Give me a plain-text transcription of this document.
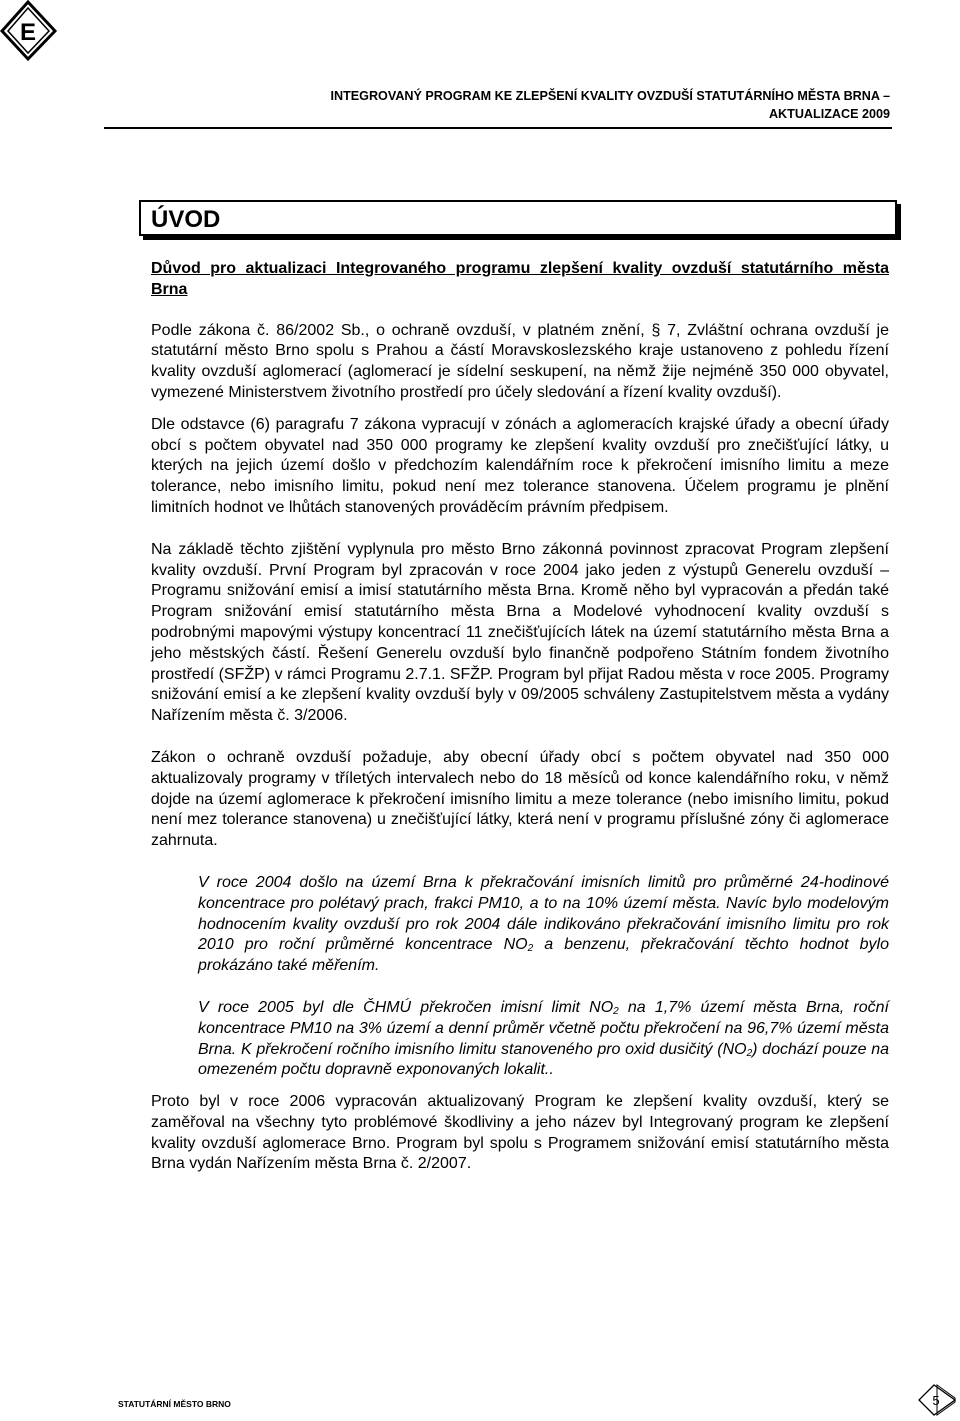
E
INTEGROVANÝ PROGRAM KE ZLEPŠENÍ KVALITY OVZDUŠÍ STATUTÁRNÍHO MĚSTA BRNA –
AKTUALIZACE 2009
ÚVOD

Důvod pro aktualizaci Integrovaného programu zlepšení kvality ovzduší statutárního města Brna

Podle zákona č. 86/2002 Sb., o ochraně ovzduší, v platném znění, § 7, Zvláštní ochrana ovzduší je statutární město Brno spolu s Prahou a částí Moravskoslezského kraje ustanoveno z pohledu řízení kvality ovzduší aglomerací (aglomerací je sídelní seskupení, na němž žije nejméně 350 000 obyvatel, vymezené Ministerstvem životního prostředí pro účely sledování a řízení kvality ovzduší).

Dle odstavce (6) paragrafu 7 zákona vypracují v zónách a aglomeracích krajské úřady a obecní úřady obcí s počtem obyvatel nad 350 000 programy ke zlepšení kvality ovzduší pro znečišťující látky, u kterých na jejich území došlo v předchozím kalendářním roce k překročení imisního limitu a meze tolerance, nebo imisního limitu, pokud není mez tolerance stanovena. Účelem programu je plnění limitních hodnot ve lhůtách stanovených prováděcím právním předpisem.

Na základě těchto zjištění vyplynula pro město Brno zákonná povinnost zpracovat Program zlepšení kvality ovzduší. První Program byl zpracován v roce 2004 jako jeden z výstupů Generelu ovzduší – Programu snižování emisí a imisí statutárního města Brna. Kromě něho byl vypracován a předán také Program snižování emisí statutárního města Brna a Modelové vyhodnocení kvality ovzduší s podrobnými mapovými výstupy koncentrací 11 znečišťujících látek na území statutárního města Brna a jeho městských částí. Řešení Generelu ovzduší bylo finančně podpořeno Státním fondem životního prostředí (SFŽP) v rámci Programu 2.7.1. SFŽP. Program byl přijat Radou města v roce 2005. Programy snižování emisí a ke zlepšení kvality ovzduší byly v 09/2005 schváleny Zastupitelstvem města a vydány Nařízením města č. 3/2006.

Zákon o ochraně ovzduší požaduje, aby obecní úřady obcí s počtem obyvatel nad 350 000 aktualizovaly programy v tříletých intervalech nebo do 18 měsíců od konce kalendářního roku, v němž dojde na území aglomerace k překročení imisního limitu a meze tolerance (nebo imisního limitu, pokud není mez tolerance stanovena) u znečišťující látky, která není v programu příslušné zóny či aglomerace zahrnuta.

V roce 2004 došlo na území Brna k překračování imisních limitů pro průměrné 24-hodinové koncentrace pro polétavý prach, frakci PM10, a to na 10% území města. Navíc bylo modelovým hodnocením kvality ovzduší pro rok 2004 dále indikováno překračování imisního limitu pro rok 2010 pro roční průměrné koncentrace $NO_2$ a benzenu, překračování těchto hodnot bylo prokázáno také měřením.

V roce 2005 byl dle ČHMÚ překročen imisní limit $NO_2$ na 1,7% území města Brna, roční koncentrace PM10 na 3% území a denní průměr včetně počtu překročení na 96,7% území města Brna. K překročení ročního imisního limitu stanoveného pro oxid dusičitý $(NO_2)$ dochází pouze na omezeném počtu dopravně exponovaných lokalit..

Proto byl v roce 2006 vypracován aktualizovaný Program ke zlepšení kvality ovzduší, který se zaměřoval na všechny tyto problémové škodliviny a jeho název byl Integrovaný program ke zlepšení kvality ovzduší aglomerace Brno. Program byl spolu s Programem snižování emisí statutárního města Brna vydán Nařízením města Brna č. 2/2007.

STATUTÁRNÍ MĚSTO BRNO	5
